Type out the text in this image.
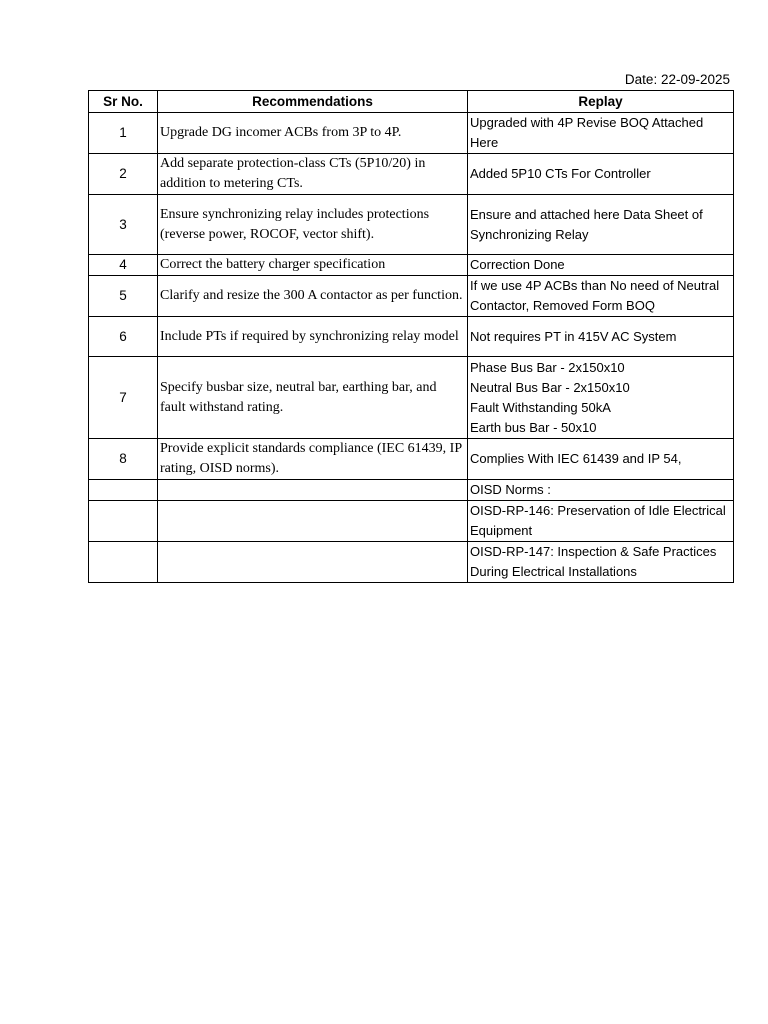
Date: 22-09-2025
Sr No.	Recommendations	Replay
1	Upgrade DG incomer ACBs from 3P to 4P.	Upgraded with 4P Revise BOQ Attached Here

2	Add separate protection-class CTs (5P10/20) in addition to metering CTs.	Added 5P10 CTs For Controller

3	Ensure synchronizing relay includes protections (reverse power, ROCOF, vector shift).	Ensure and attached here Data Sheet of Synchronizing Relay

4	Correct the battery charger specification	Correction Done

5	Clarify and resize the 300 A contactor as per function.	If we use 4P ACBs than No need of Neutral Contactor, Removed Form BOQ

6	Include PTs if required by synchronizing relay model	Not requires PT in 415V AC System

7	Specify busbar size, neutral bar, earthing bar, and fault withstand rating.	Phase Bus Bar - 2x150x10
Neutral Bus Bar - 2x150x10
Fault Withstanding 50kA
Earth bus Bar - 50x10

8	Provide explicit standards compliance (IEC 61439, IP rating, OISD norms).	Complies With IEC 61439 and IP 54,

		OISD Norms :

		OISD-RP-146: Preservation of Idle Electrical Equipment

		OISD-RP-147: Inspection & Safe Practices During Electrical Installations
